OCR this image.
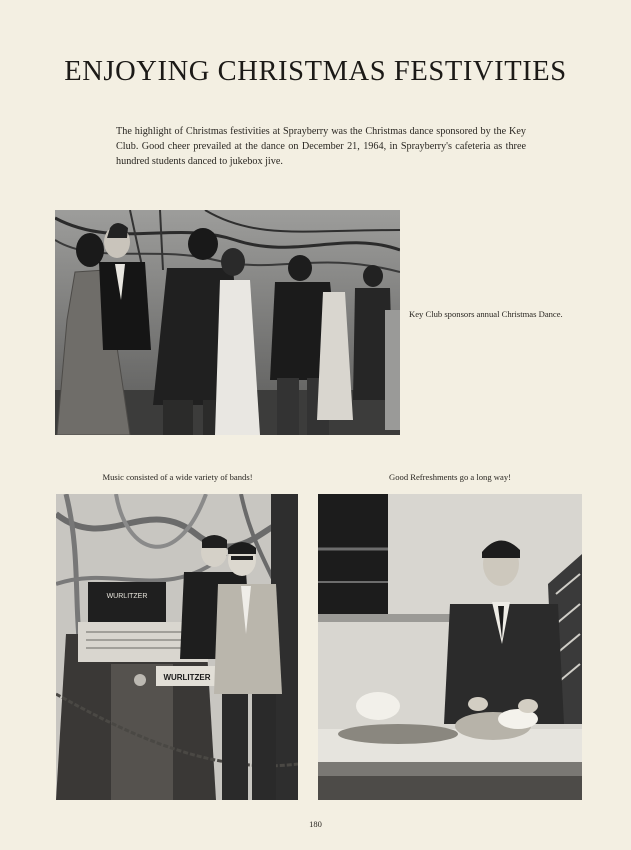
ENJOYING CHRISTMAS FESTIVITIES

The highlight of Christmas festivities at Sprayberry was the Christmas dance sponsored by the Key Club. Good cheer prevailed at the dance on December 21, 1964, in Sprayberry's cafeteria as three hundred students danced to jukebox jive.

Key Club sponsors annual Christmas Dance.

Music consisted of a wide variety of bands!	Good Refreshments go a long way!

WURLITZER
WURLITZER
180
